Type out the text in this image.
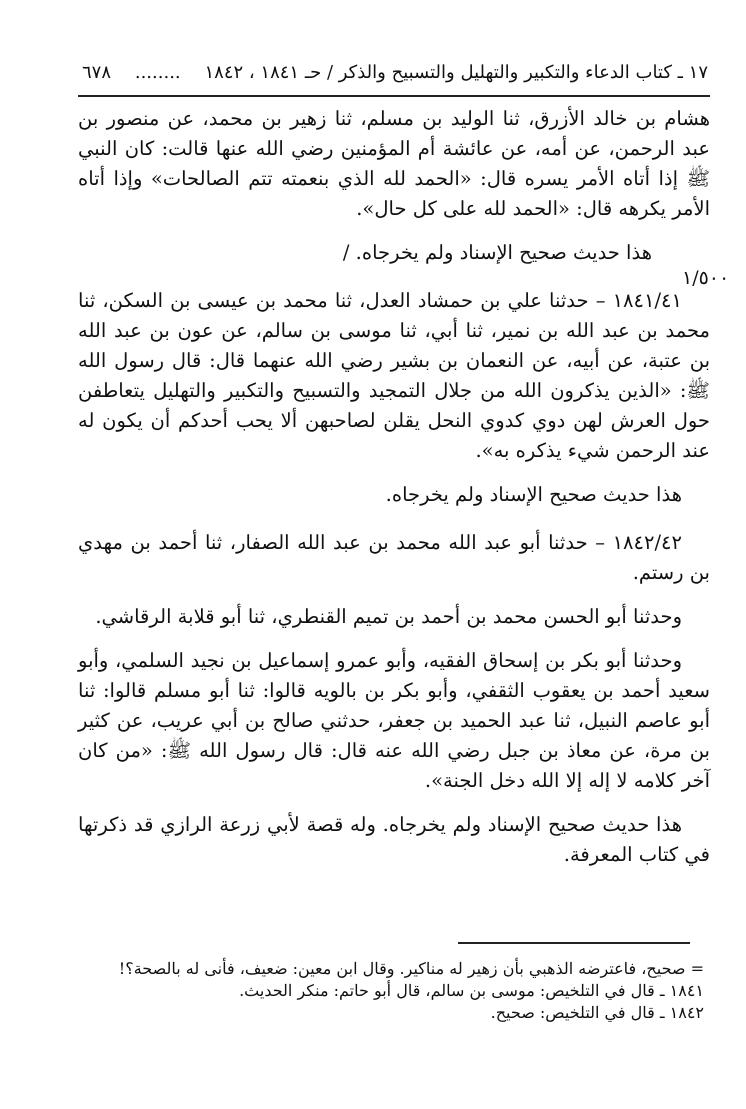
١٧ ـ كتاب الدعاء والتكبير والتهليل والتسبيح والذكر / حـ ١٨٤١ ، ١٨٤٢
........
٦٧٨
١/٥٠٠

هشام بن خالد الأزرق، ثنا الوليد بن مسلم، ثنا زهير بن محمد، عن منصور بن عبد الرحمن، عن أمه، عن عائشة أم المؤمنين رضي الله عنها قالت: كان النبي ﷺ إذا أتاه الأمر يسره قال: «الحمد لله الذي بنعمته تتم الصالحات» وإذا أتاه الأمر يكرهه قال: «الحمد لله على كل حال».

هذا حديث صحيح الإسناد ولم يخرجاه. /

١٨٤١/٤١ – حدثنا علي بن حمشاد العدل، ثنا محمد بن عيسى بن السكن، ثنا محمد بن عبد الله بن نمير، ثنا أبي، ثنا موسى بن سالم، عن عون بن عبد الله بن عتبة، عن أبيه، عن النعمان بن بشير رضي الله عنهما قال: قال رسول الله ﷺ: «الذين يذكرون الله من جلال التمجيد والتسبيح والتكبير والتهليل يتعاطفن حول العرش لهن دوي كدوي النحل يقلن لصاحبهن ألا يحب أحدكم أن يكون له عند الرحمن شيء يذكره به».

هذا حديث صحيح الإسناد ولم يخرجاه.

١٨٤٢/٤٢ – حدثنا أبو عبد الله محمد بن عبد الله الصفار، ثنا أحمد بن مهدي بن رستم.

وحدثنا أبو الحسن محمد بن أحمد بن تميم القنطري، ثنا أبو قلابة الرقاشي.

وحدثنا أبو بكر بن إسحاق الفقيه، وأبو عمرو إسماعيل بن نجيد السلمي، وأبو سعيد أحمد بن يعقوب الثقفي، وأبو بكر بن بالويه قالوا: ثنا أبو مسلم قالوا: ثنا أبو عاصم النبيل، ثنا عبد الحميد بن جعفر، حدثني صالح بن أبي عريب، عن كثير بن مرة، عن معاذ بن جبل رضي الله عنه قال: قال رسول الله ﷺ: «من كان آخر كلامه لا إله إلا الله دخل الجنة».

هذا حديث صحيح الإسناد ولم يخرجاه. وله قصة لأبي زرعة الرازي قد ذكرتها في كتاب المعرفة.

= صحيح، فاعترضه الذهبي بأن زهير له مناكير. وقال ابن معين: ضعيف، فأنى له بالصحة؟!

١٨٤١ ـ قال في التلخيص: موسى بن سالم، قال أبو حاتم: منكر الحديث.

١٨٤٢ ـ قال في التلخيص: صحيح.
